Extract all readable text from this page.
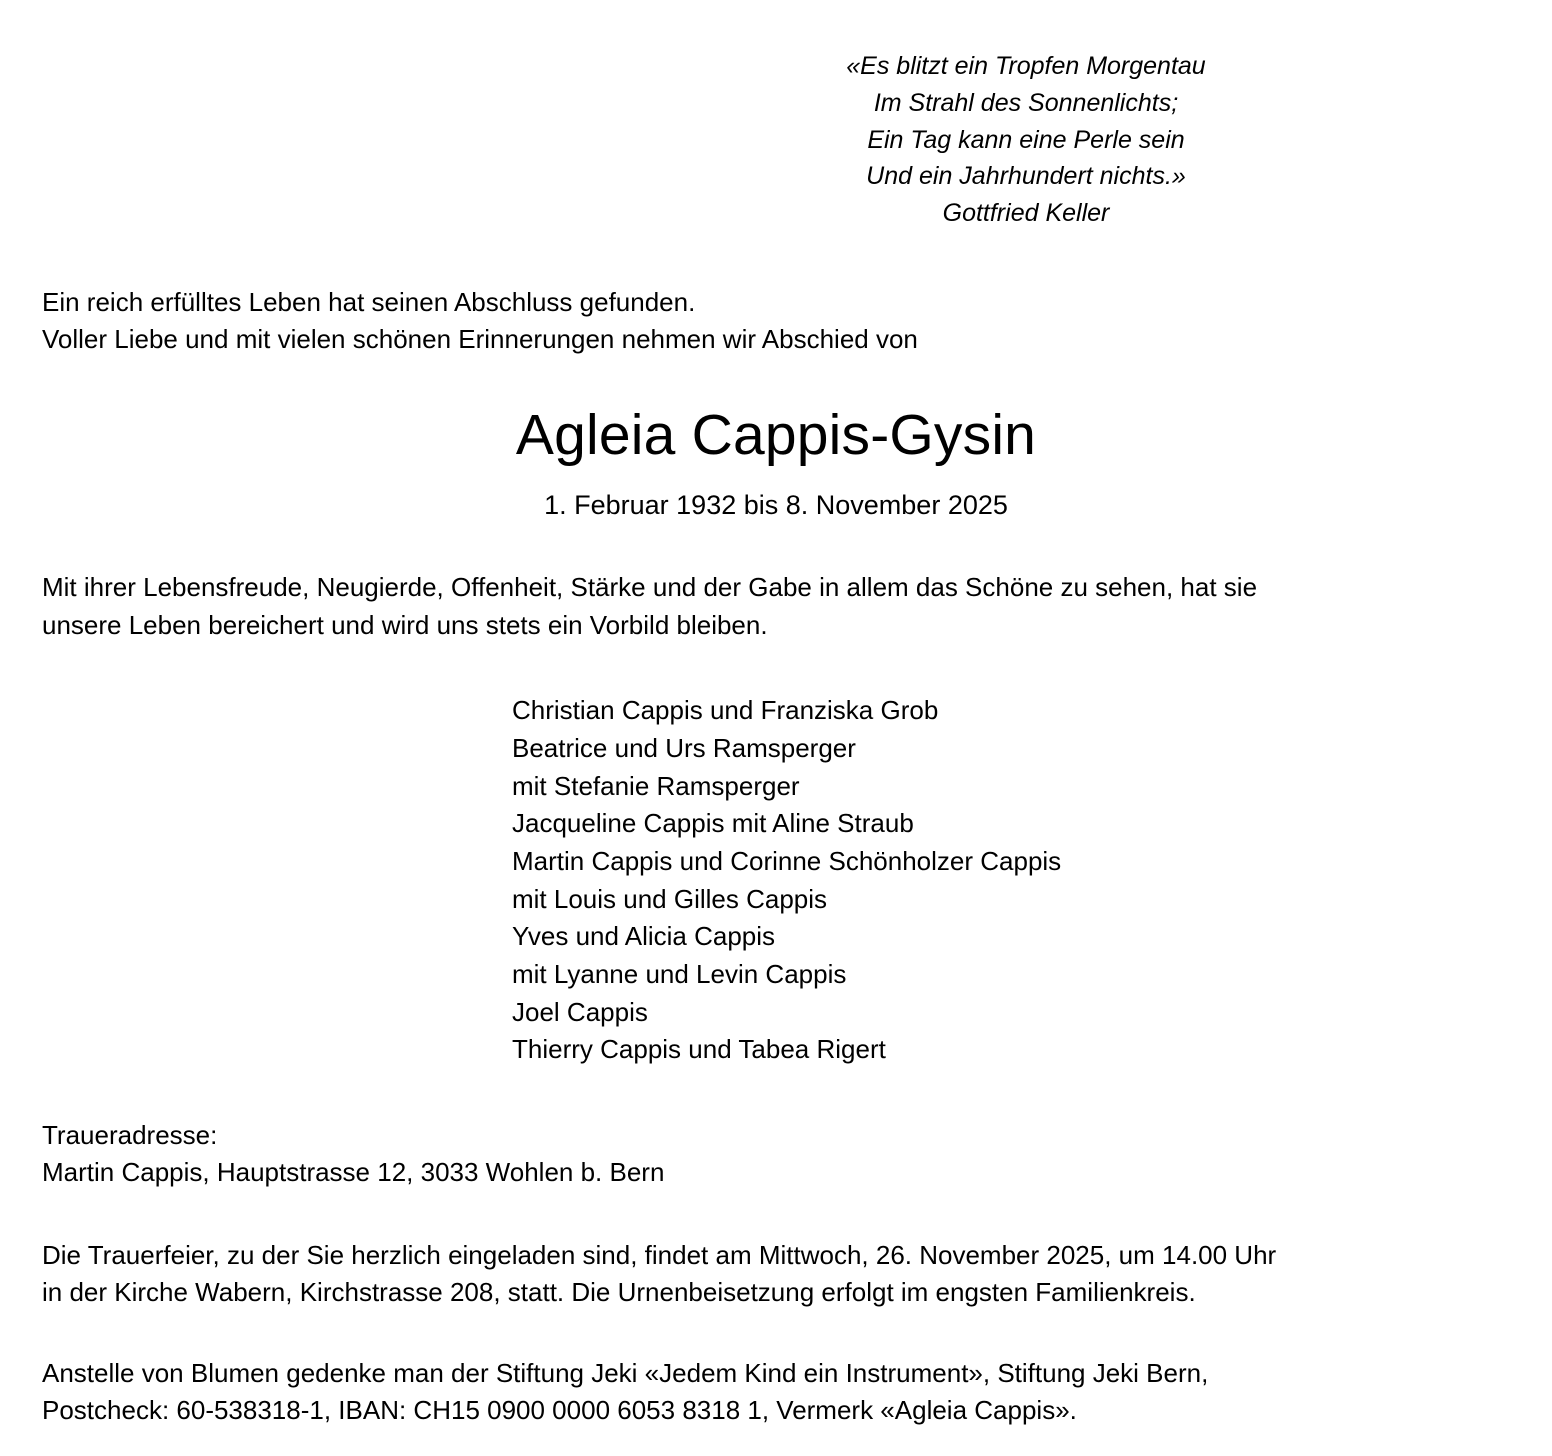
«Es blitzt ein Tropfen Morgentau
Im Strahl des Sonnenlichts;
Ein Tag kann eine Perle sein
Und ein Jahrhundert nichts.»
Gottfried Keller
Ein reich erfülltes Leben hat seinen Abschluss gefunden.
Voller Liebe und mit vielen schönen Erinnerungen nehmen wir Abschied von
Agleia Cappis-Gysin
1. Februar 1932 bis 8. November 2025
Mit ihrer Lebensfreude, Neugierde, Offenheit, Stärke und der Gabe in allem das Schöne zu sehen, hat sie
unsere Leben bereichert und wird uns stets ein Vorbild bleiben.
Christian Cappis und Franziska Grob
Beatrice und Urs Ramsperger
mit Stefanie Ramsperger
Jacqueline Cappis mit Aline Straub
Martin Cappis und Corinne Schönholzer Cappis
mit Louis und Gilles Cappis
Yves und Alicia Cappis
mit Lyanne und Levin Cappis
Joel Cappis
Thierry Cappis und Tabea Rigert
Traueradresse:
Martin Cappis, Hauptstrasse 12, 3033 Wohlen b. Bern
Die Trauerfeier, zu der Sie herzlich eingeladen sind, findet am Mittwoch, 26. November 2025, um 14.00 Uhr
in der Kirche Wabern, Kirchstrasse 208, statt. Die Urnenbeisetzung erfolgt im engsten Familienkreis.
Anstelle von Blumen gedenke man der Stiftung Jeki «Jedem Kind ein Instrument», Stiftung Jeki Bern,
Postcheck: 60-538318-1, IBAN: CH15 0900 0000 6053 8318 1, Vermerk «Agleia Cappis».
